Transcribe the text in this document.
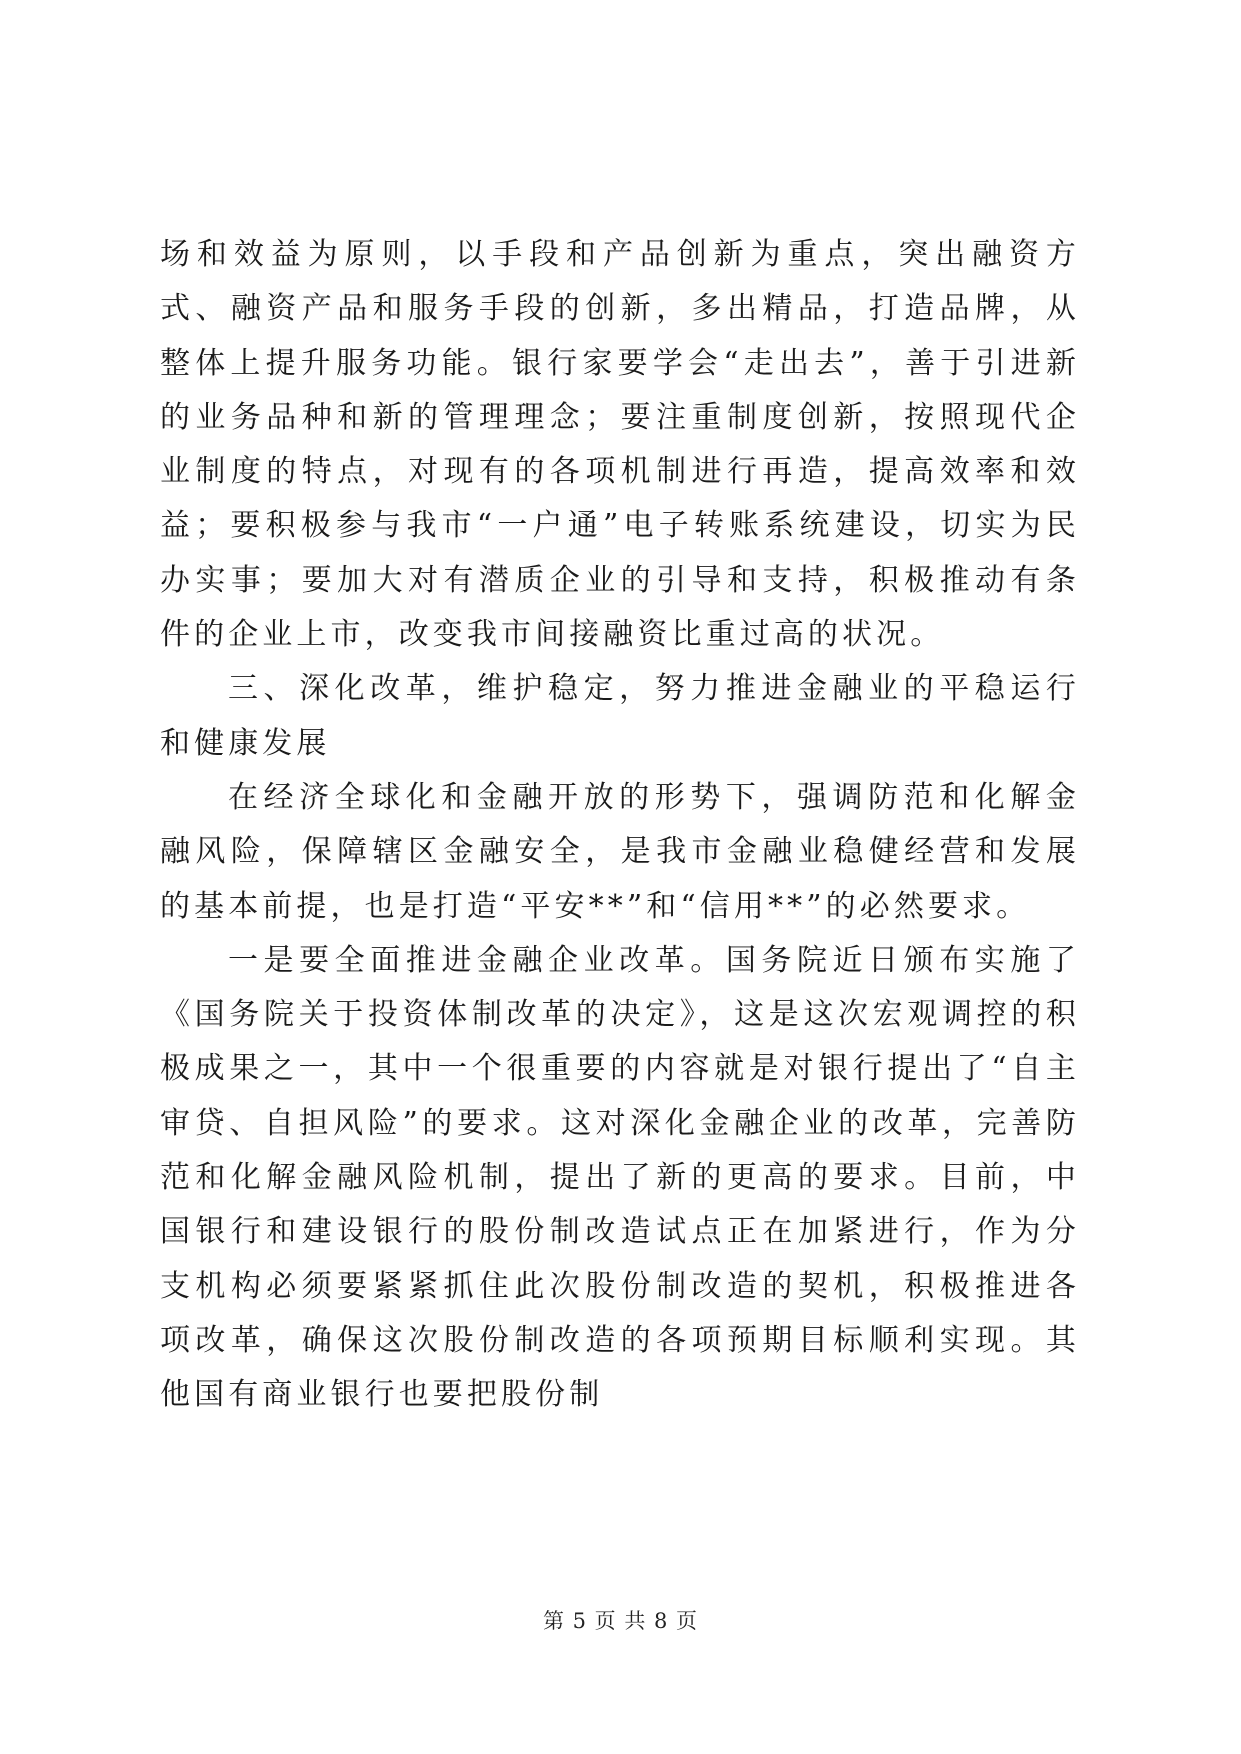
场和效益为原则，以手段和产品创新为重点，突出融资方式、融资产品和服务手段的创新，多出精品，打造品牌，从整体上提升服务功能。银行家要学会“走出去”，善于引进新的业务品种和新的管理理念；要注重制度创新，按照现代企业制度的特点，对现有的各项机制进行再造，提高效率和效益；要积极参与我市“一户通”电子转账系统建设，切实为民办实事；要加大对有潜质企业的引导和支持，积极推动有条件的企业上市，改变我市间接融资比重过高的状况。

三、深化改革，维护稳定，努力推进金融业的平稳运行和健康发展

在经济全球化和金融开放的形势下，强调防范和化解金融风险，保障辖区金融安全，是我市金融业稳健经营和发展的基本前提，也是打造“平安**”和“信用**”的必然要求。

一是要全面推进金融企业改革。国务院近日颁布实施了《国务院关于投资体制改革的决定》，这是这次宏观调控的积极成果之一，其中一个很重要的内容就是对银行提出了“自主审贷、自担风险”的要求。这对深化金融企业的改革，完善防范和化解金融风险机制，提出了新的更高的要求。目前，中国银行和建设银行的股份制改造试点正在加紧进行，作为分支机构必须要紧紧抓住此次股份制改造的契机，积极推进各项改革，确保这次股份制改造的各项预期目标顺利实现。其他国有商业银行也要把股份制

第 5 页 共 8 页
